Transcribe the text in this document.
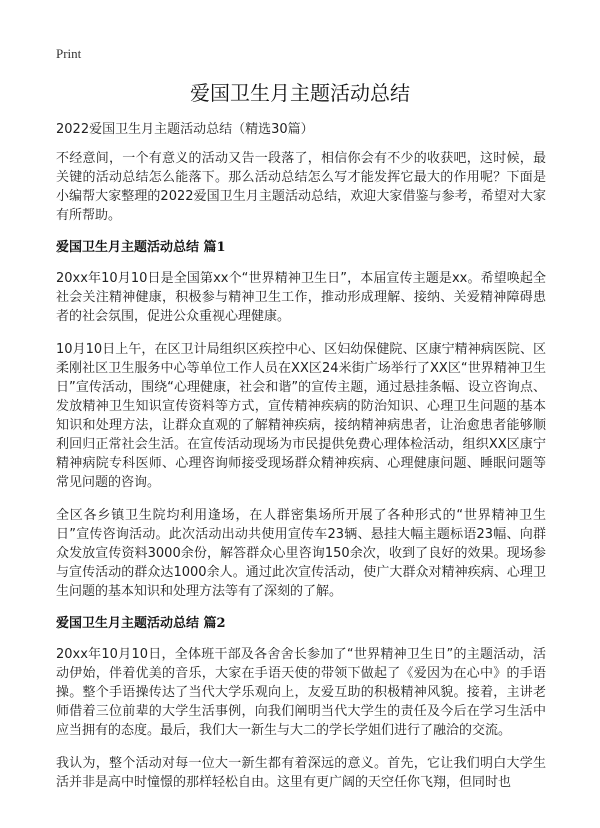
Print
爱国卫生月主题活动总结

2022爱国卫生月主题活动总结（精选30篇）

不经意间，一个有意义的活动又告一段落了，相信你会有不少的收获吧，这时候，最关键的活动总结怎么能落下。那么活动总结怎么写才能发挥它最大的作用呢？下面是小编帮大家整理的2022爱国卫生月主题活动总结，欢迎大家借鉴与参考，希望对大家有所帮助。

爱国卫生月主题活动总结 篇1

20xx年10月10日是全国第xx个“世界精神卫生日”，本届宣传主题是xx。希望唤起全社会关注精神健康，积极参与精神卫生工作，推动形成理解、接纳、关爱精神障碍患者的社会氛围，促进公众重视心理健康。

10月10日上午，在区卫计局组织区疾控中心、区妇幼保健院、区康宁精神病医院、区柔刚社区卫生服务中心等单位工作人员在XX区24米街广场举行了XX区“世界精神卫生日”宣传活动，围绕“心理健康，社会和谐”的宣传主题，通过悬挂条幅、设立咨询点、发放精神卫生知识宣传资料等方式，宣传精神疾病的防治知识、心理卫生问题的基本知识和处理方法，让群众直观的了解精神疾病，接纳精神病患者，让治愈患者能够顺利回归正常社会生活。在宣传活动现场为市民提供免费心理体检活动，组织XX区康宁精神病院专科医师、心理咨询师接受现场群众精神疾病、心理健康问题、睡眠问题等常见问题的咨询。

全区各乡镇卫生院均利用逢场，在人群密集场所开展了各种形式的“世界精神卫生日”宣传咨询活动。此次活动出动共使用宣传车23辆、悬挂大幅主题标语23幅、向群众发放宣传资料3000余份，解答群众心里咨询150余次，收到了良好的效果。现场参与宣传活动的群众达1000余人。通过此次宣传活动，使广大群众对精神疾病、心理卫生问题的基本知识和处理方法等有了深刻的了解。

爱国卫生月主题活动总结 篇2

20xx年10月10日，全体班干部及各舍舍长参加了“世界精神卫生日”的主题活动，活动伊始，伴着优美的音乐，大家在手语天使的带领下做起了《爱因为在心中》的手语操。整个手语操传达了当代大学乐观向上，友爱互助的积极精神风貌。接着，主讲老师借着三位前辈的大学生活事例，向我们阐明当代大学生的责任及今后在学习生活中应当拥有的态度。最后，我们大一新生与大二的学长学姐们进行了融洽的交流。

我认为，整个活动对每一位大一新生都有着深远的意义。首先，它让我们明白大学生活并非是高中时憧憬的那样轻松自由。这里有更广阔的天空任你飞翔，但同时也
